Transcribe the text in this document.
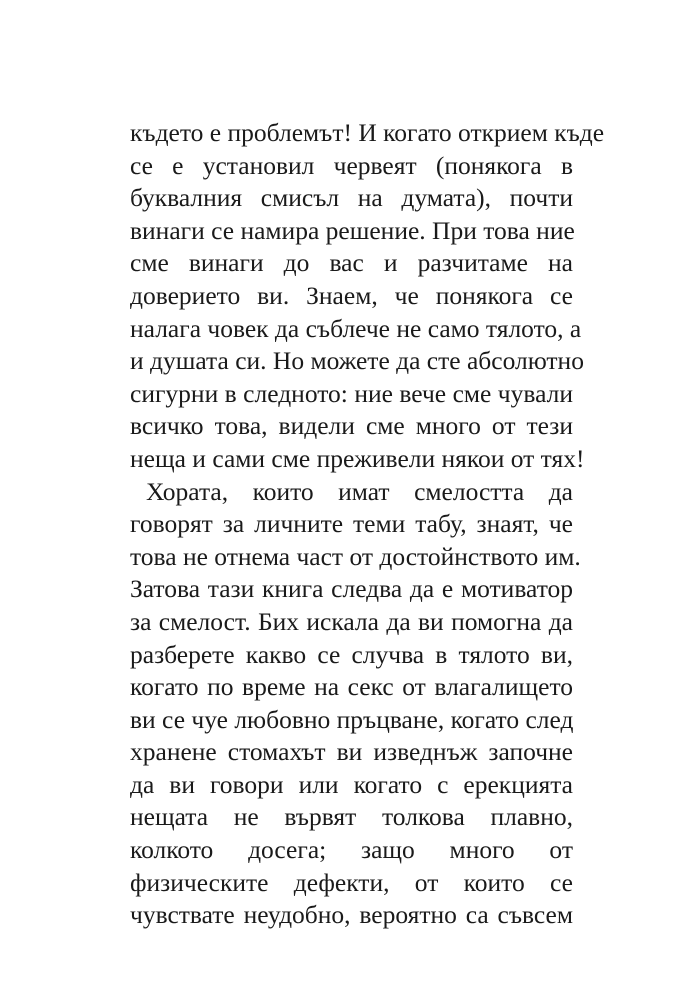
където е проблемът! И когато открием къде
се е установил червеят (понякога в
буквалния смисъл на думата), почти
винаги се намира решение. При това ние
сме винаги до вас и разчитаме на
доверието ви. Знаем, че понякога се
налага човек да съблече не само тялото, а
и душата си. Но можете да сте абсолютно
сигурни в следното: ние вече сме чували
всичко това, видели сме много от тези
неща и сами сме преживели някои от тях!
Хората, които имат смелостта да
говорят за личните теми табу, знаят, че
това не отнема част от достойнството им.
Затова тази книга следва да е мотиватор
за смелост. Бих искала да ви помогна да
разберете какво се случва в тялото ви,
когато по време на секс от влагалището
ви се чуе любовно пръцване, когато след
хранене стомахът ви изведнъж започне
да ви говори или когато с ерекцията
нещата не вървят толкова плавно,
колкото досега; защо много от
физическите дефекти, от които се
чувствате неудобно, вероятно са съвсем
